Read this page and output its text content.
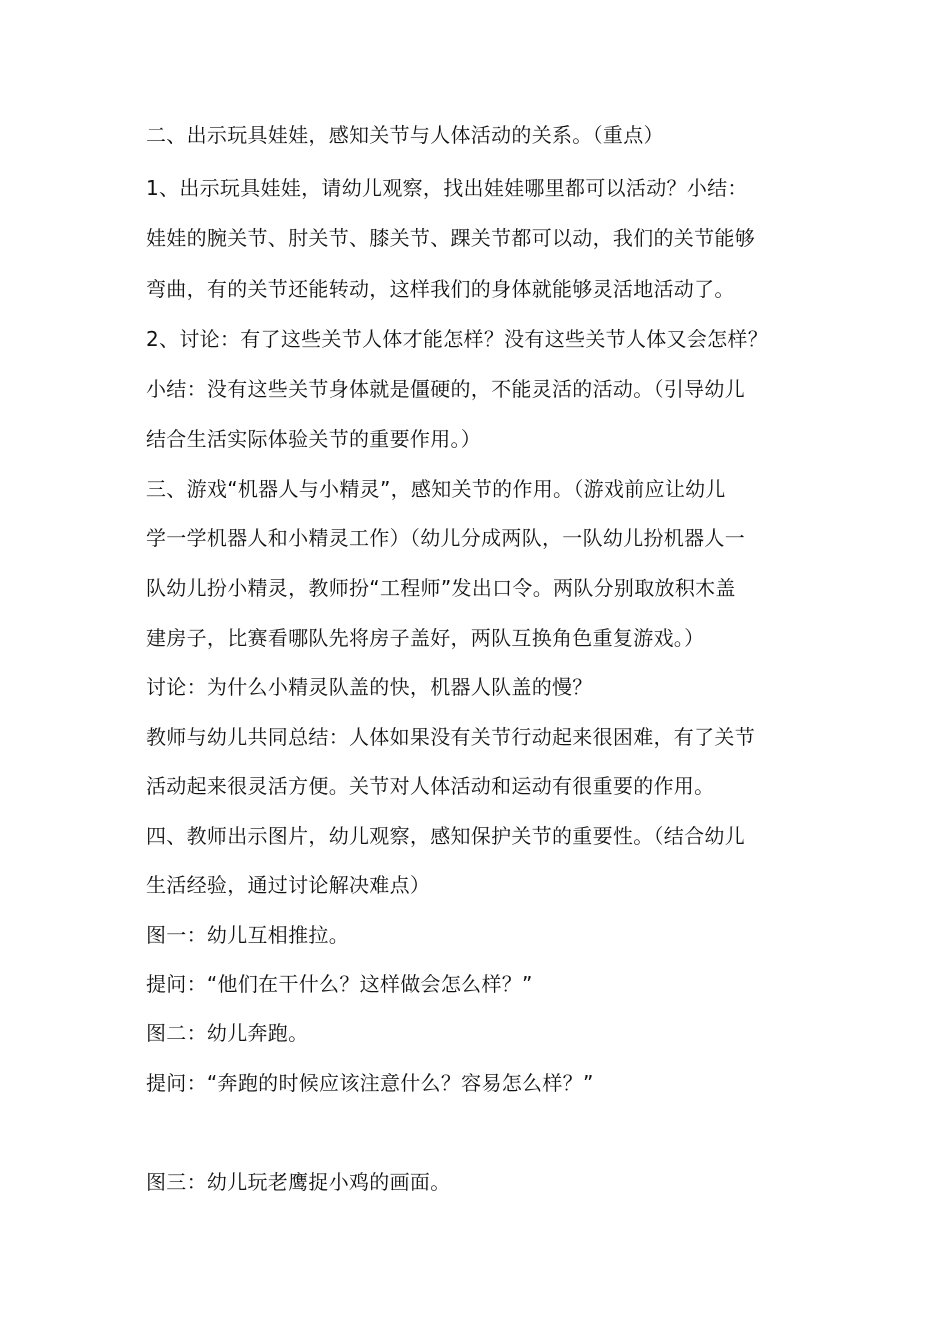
二、出示玩具娃娃，感知关节与人体活动的关系。（重点）
1、出示玩具娃娃，请幼儿观察，找出娃娃哪里都可以活动？小结：
娃娃的腕关节、肘关节、膝关节、踝关节都可以动，我们的关节能够
弯曲，有的关节还能转动，这样我们的身体就能够灵活地活动了。
2、讨论：有了这些关节人体才能怎样？没有这些关节人体又会怎样？
小结：没有这些关节身体就是僵硬的，不能灵活的活动。（引导幼儿
结合生活实际体验关节的重要作用。）
三、游戏“机器人与小精灵”，感知关节的作用。（游戏前应让幼儿
学一学机器人和小精灵工作）（幼儿分成两队，一队幼儿扮机器人一
队幼儿扮小精灵，教师扮“工程师”发出口令。两队分别取放积木盖
建房子，比赛看哪队先将房子盖好，两队互换角色重复游戏。）
讨论：为什么小精灵队盖的快，机器人队盖的慢？
教师与幼儿共同总结：人体如果没有关节行动起来很困难，有了关节
活动起来很灵活方便。关节对人体活动和运动有很重要的作用。
四、教师出示图片，幼儿观察，感知保护关节的重要性。（结合幼儿
生活经验，通过讨论解决难点）
图一：幼儿互相推拉。
提问：“他们在干什么？这样做会怎么样？”
图二：幼儿奔跑。
提问：“奔跑的时候应该注意什么？容易怎么样？”
图三：幼儿玩老鹰捉小鸡的画面。
